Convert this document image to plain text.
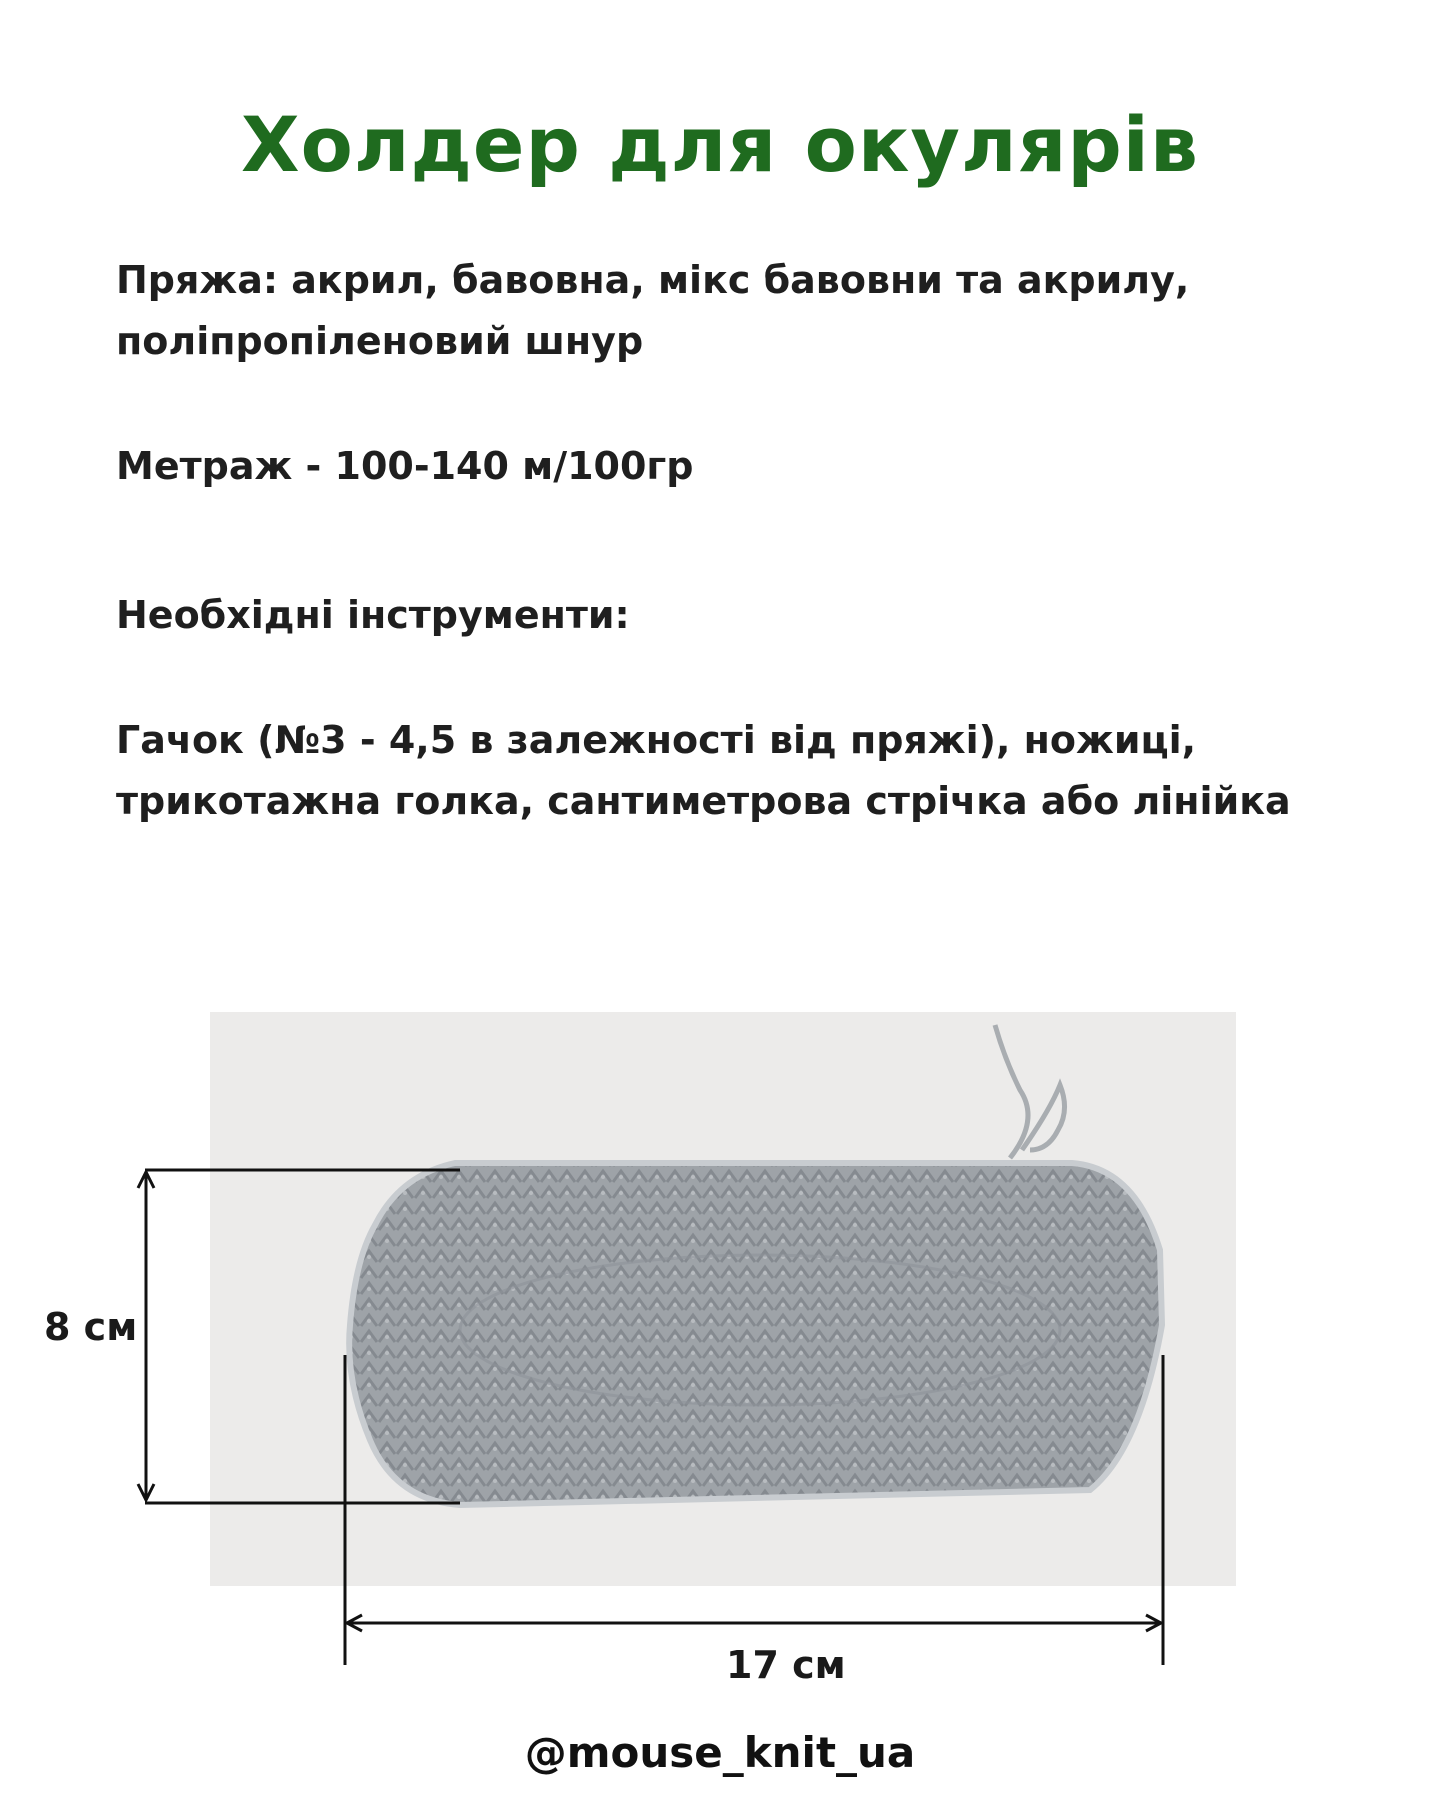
Холдер для окулярів

Пряжа: акрил, бавовна, мікс бавовни та акрилу, поліпропіленовий шнур

Метраж - 100-140 м/100гр

Необхідні інструменти:

Гачок (№3 - 4,5 в залежності від пряжі), ножиці, трикотажна голка, сантиметрова стрічка або лінійка

8 см
17 см
@mouse_knit_ua
